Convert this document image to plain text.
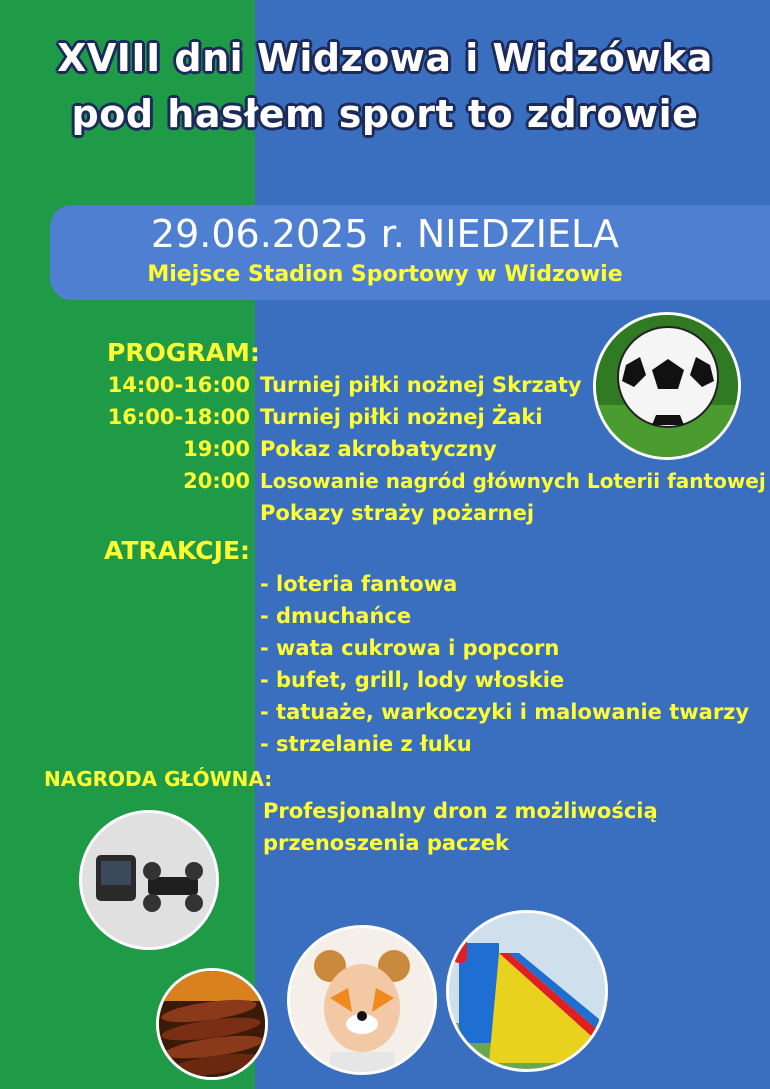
XVIII dni Widzowa i Widzówka
pod hasłem sport to zdrowie
29.06.2025 r. NIEDZIELA
Miejsce Stadion Sportowy w Widzowie
PROGRAM:
14:00-16:00 Turniej piłki nożnej Skrzaty
16:00-18:00 Turniej piłki nożnej Żaki
19:00 Pokaz akrobatyczny
20:00 Losowanie nagród głównych Loterii fantowej
Pokazy straży pożarnej
ATRAKCJE:
- loteria fantowa
- dmuchańce
- wata cukrowa i popcorn
- bufet, grill, lody włoskie
- tatuaże, warkoczyki i malowanie twarzy
- strzelanie z łuku
NAGRODA GŁÓWNA:
Profesjonalny dron z możliwością
przenoszenia paczek
